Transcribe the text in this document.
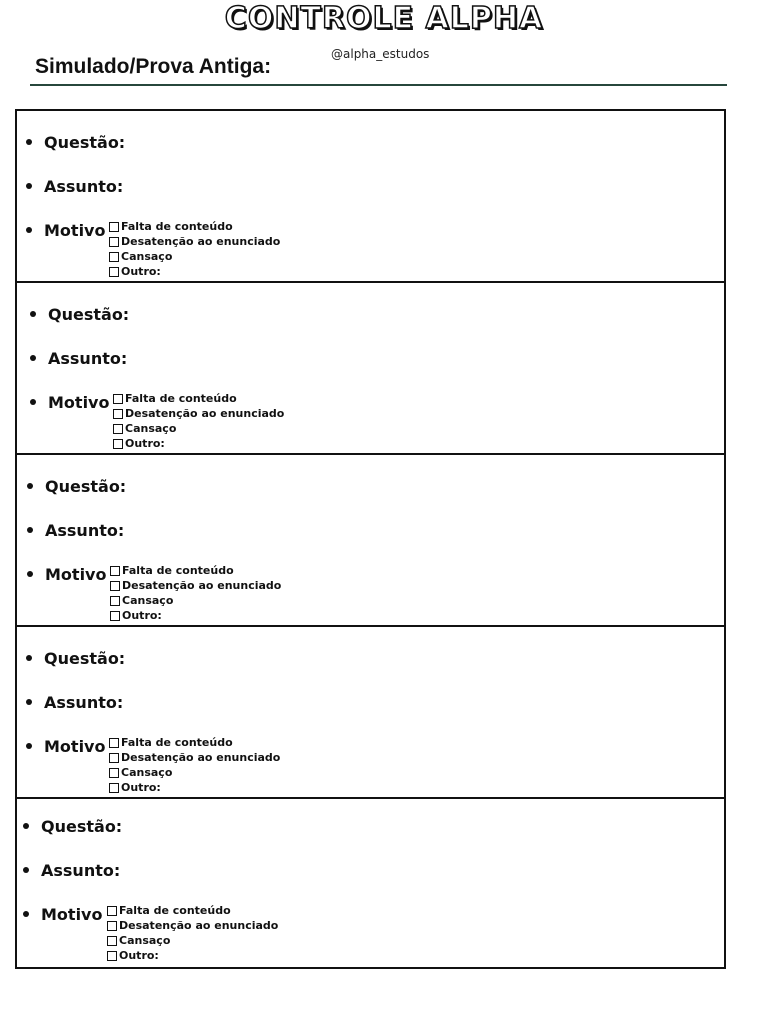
CONTROLE ALPHA
Simulado/Prova Antiga:
@alpha_estudos
Questão:
Assunto:
Motivo Falta de conteúdo
Desatenção ao enunciado
Cansaço
Outro:
Questão:
Assunto:
Motivo Falta de conteúdo
Desatenção ao enunciado
Cansaço
Outro:
Questão:
Assunto:
Motivo Falta de conteúdo
Desatenção ao enunciado
Cansaço
Outro:
Questão:
Assunto:
Motivo Falta de conteúdo
Desatenção ao enunciado
Cansaço
Outro:
Questão:
Assunto:
Motivo Falta de conteúdo
Desatenção ao enunciado
Cansaço
Outro:
